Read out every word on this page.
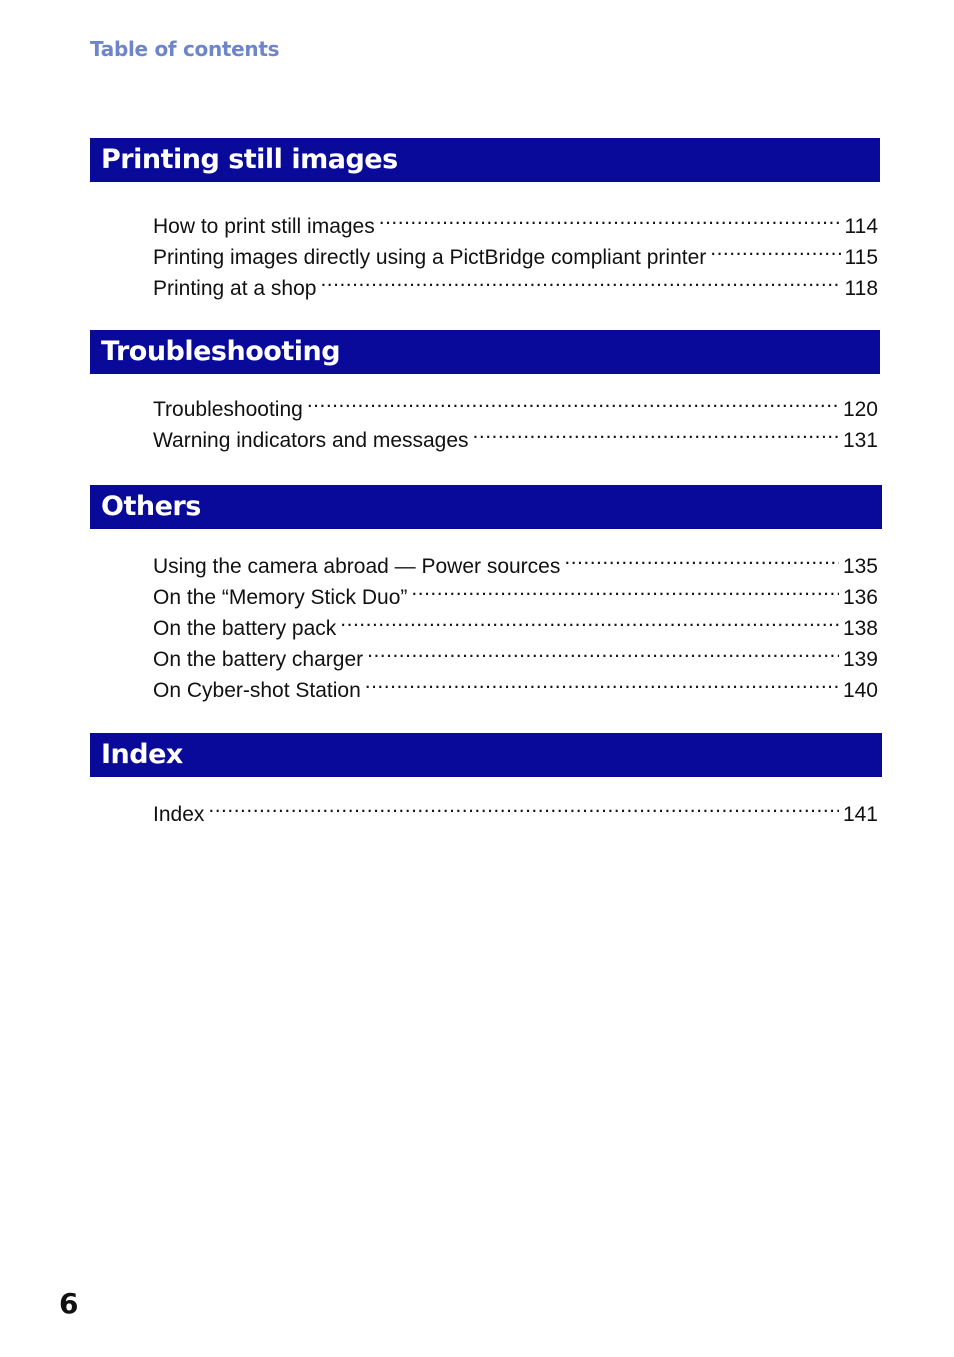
Table of contents
Printing still images
How to print still images .....	114
Printing images directly using a PictBridge compliant printer .....	115
Printing at a shop .....	118
Troubleshooting
Troubleshooting .....	120
Warning indicators and messages .....	131
Others
Using the camera abroad — Power sources .....	135
On the “Memory Stick Duo” .....	136
On the battery pack .....	138
On the battery charger .....	139
On Cyber-shot Station .....	140
Index
Index .....	141
6
